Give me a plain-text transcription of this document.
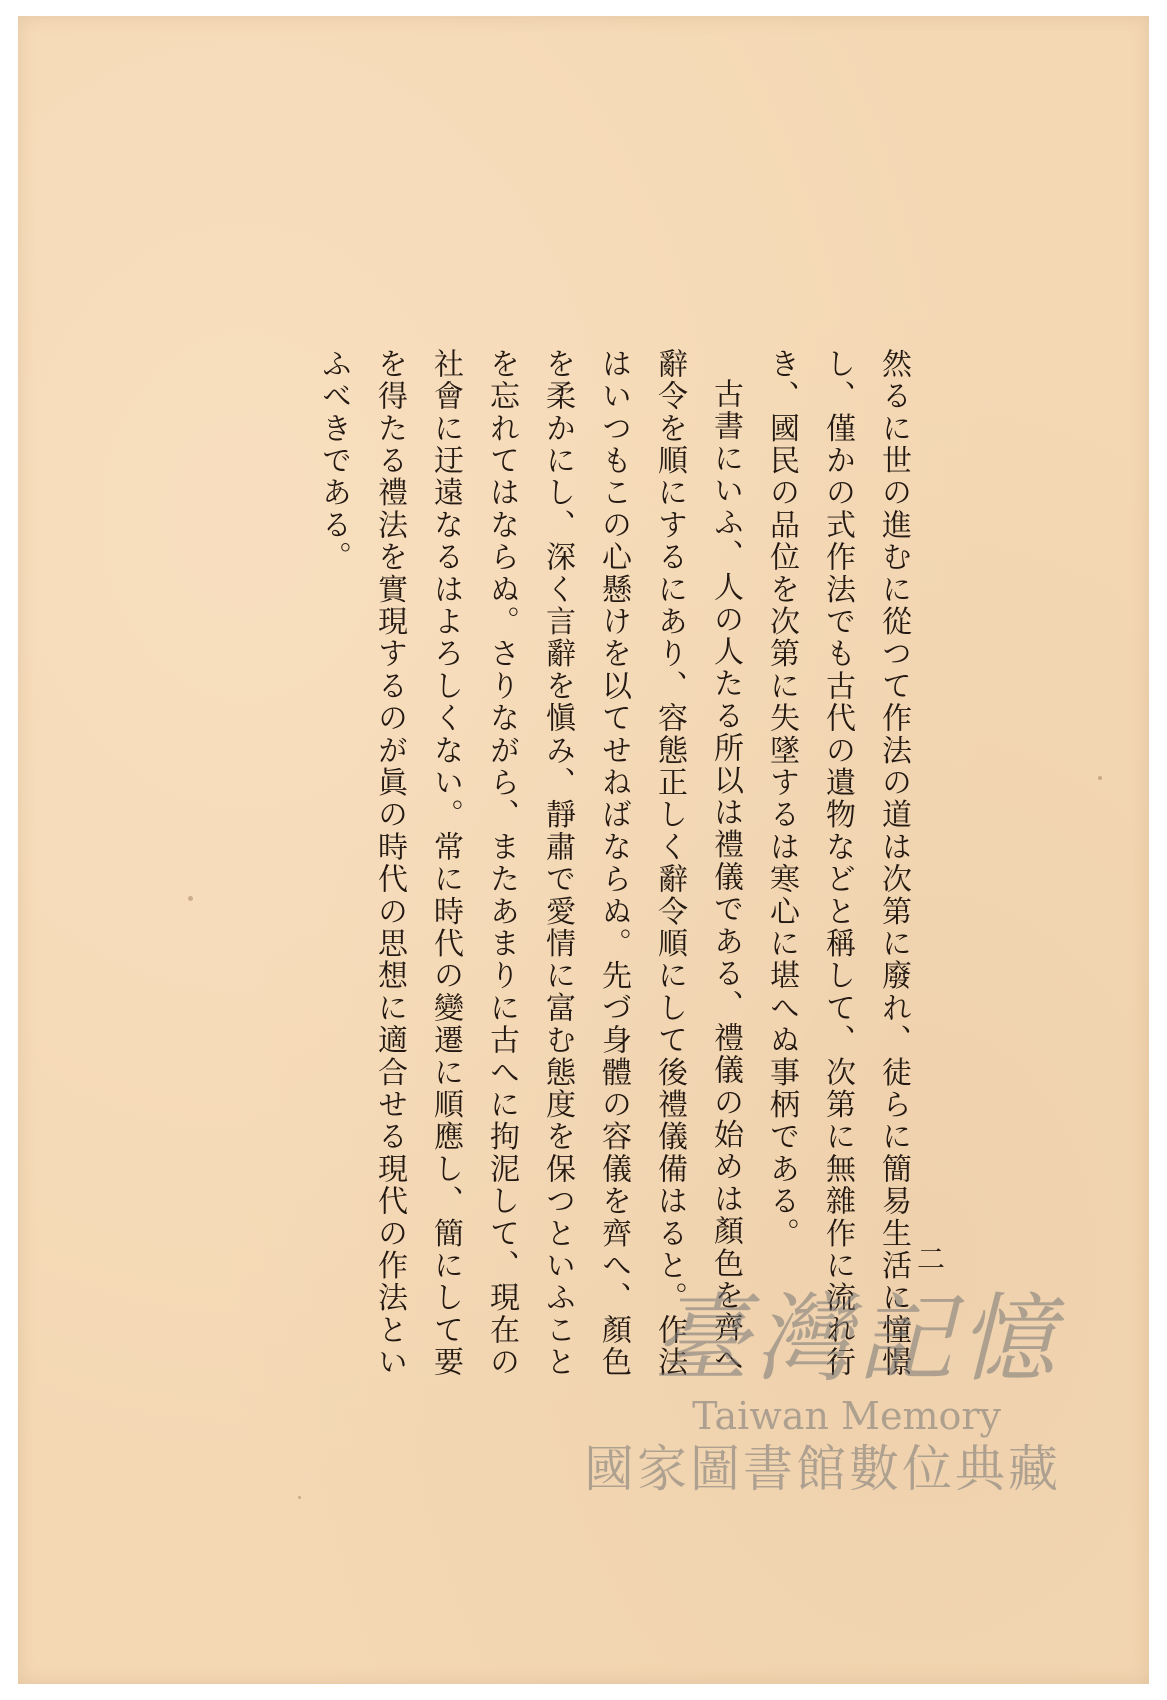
二

然るに世の進むに從つて作法の道は次第に廢れ、徒らに簡易生活に憧憬し、僅かの式作法でも古代の遺物などと稱して、次第に無雜作に流れ行き、國民の品位を次第に失墜するは寒心に堪へぬ事柄である。

古書にいふ、人の人たる所以は禮儀である、禮儀の始めは顏色を齊へ辭令を順にするにあり、容態正しく辭令順にして後禮儀備はると。作法はいつもこの心懸けを以てせねばならぬ。先づ身體の容儀を齊へ、顏色を柔かにし、深く言辭を愼み、靜肅で愛情に富む態度を保つといふことを忘れてはならぬ。さりながら、またあまりに古へに拘泥して、現在の社會に迂遠なるはよろしくない。常に時代の變遷に順應し、簡にして要を得たる禮法を實現するのが眞の時代の思想に適合せる現代の作法といふべきである。

臺灣記憶
Taiwan Memory
國家圖書館數位典藏
